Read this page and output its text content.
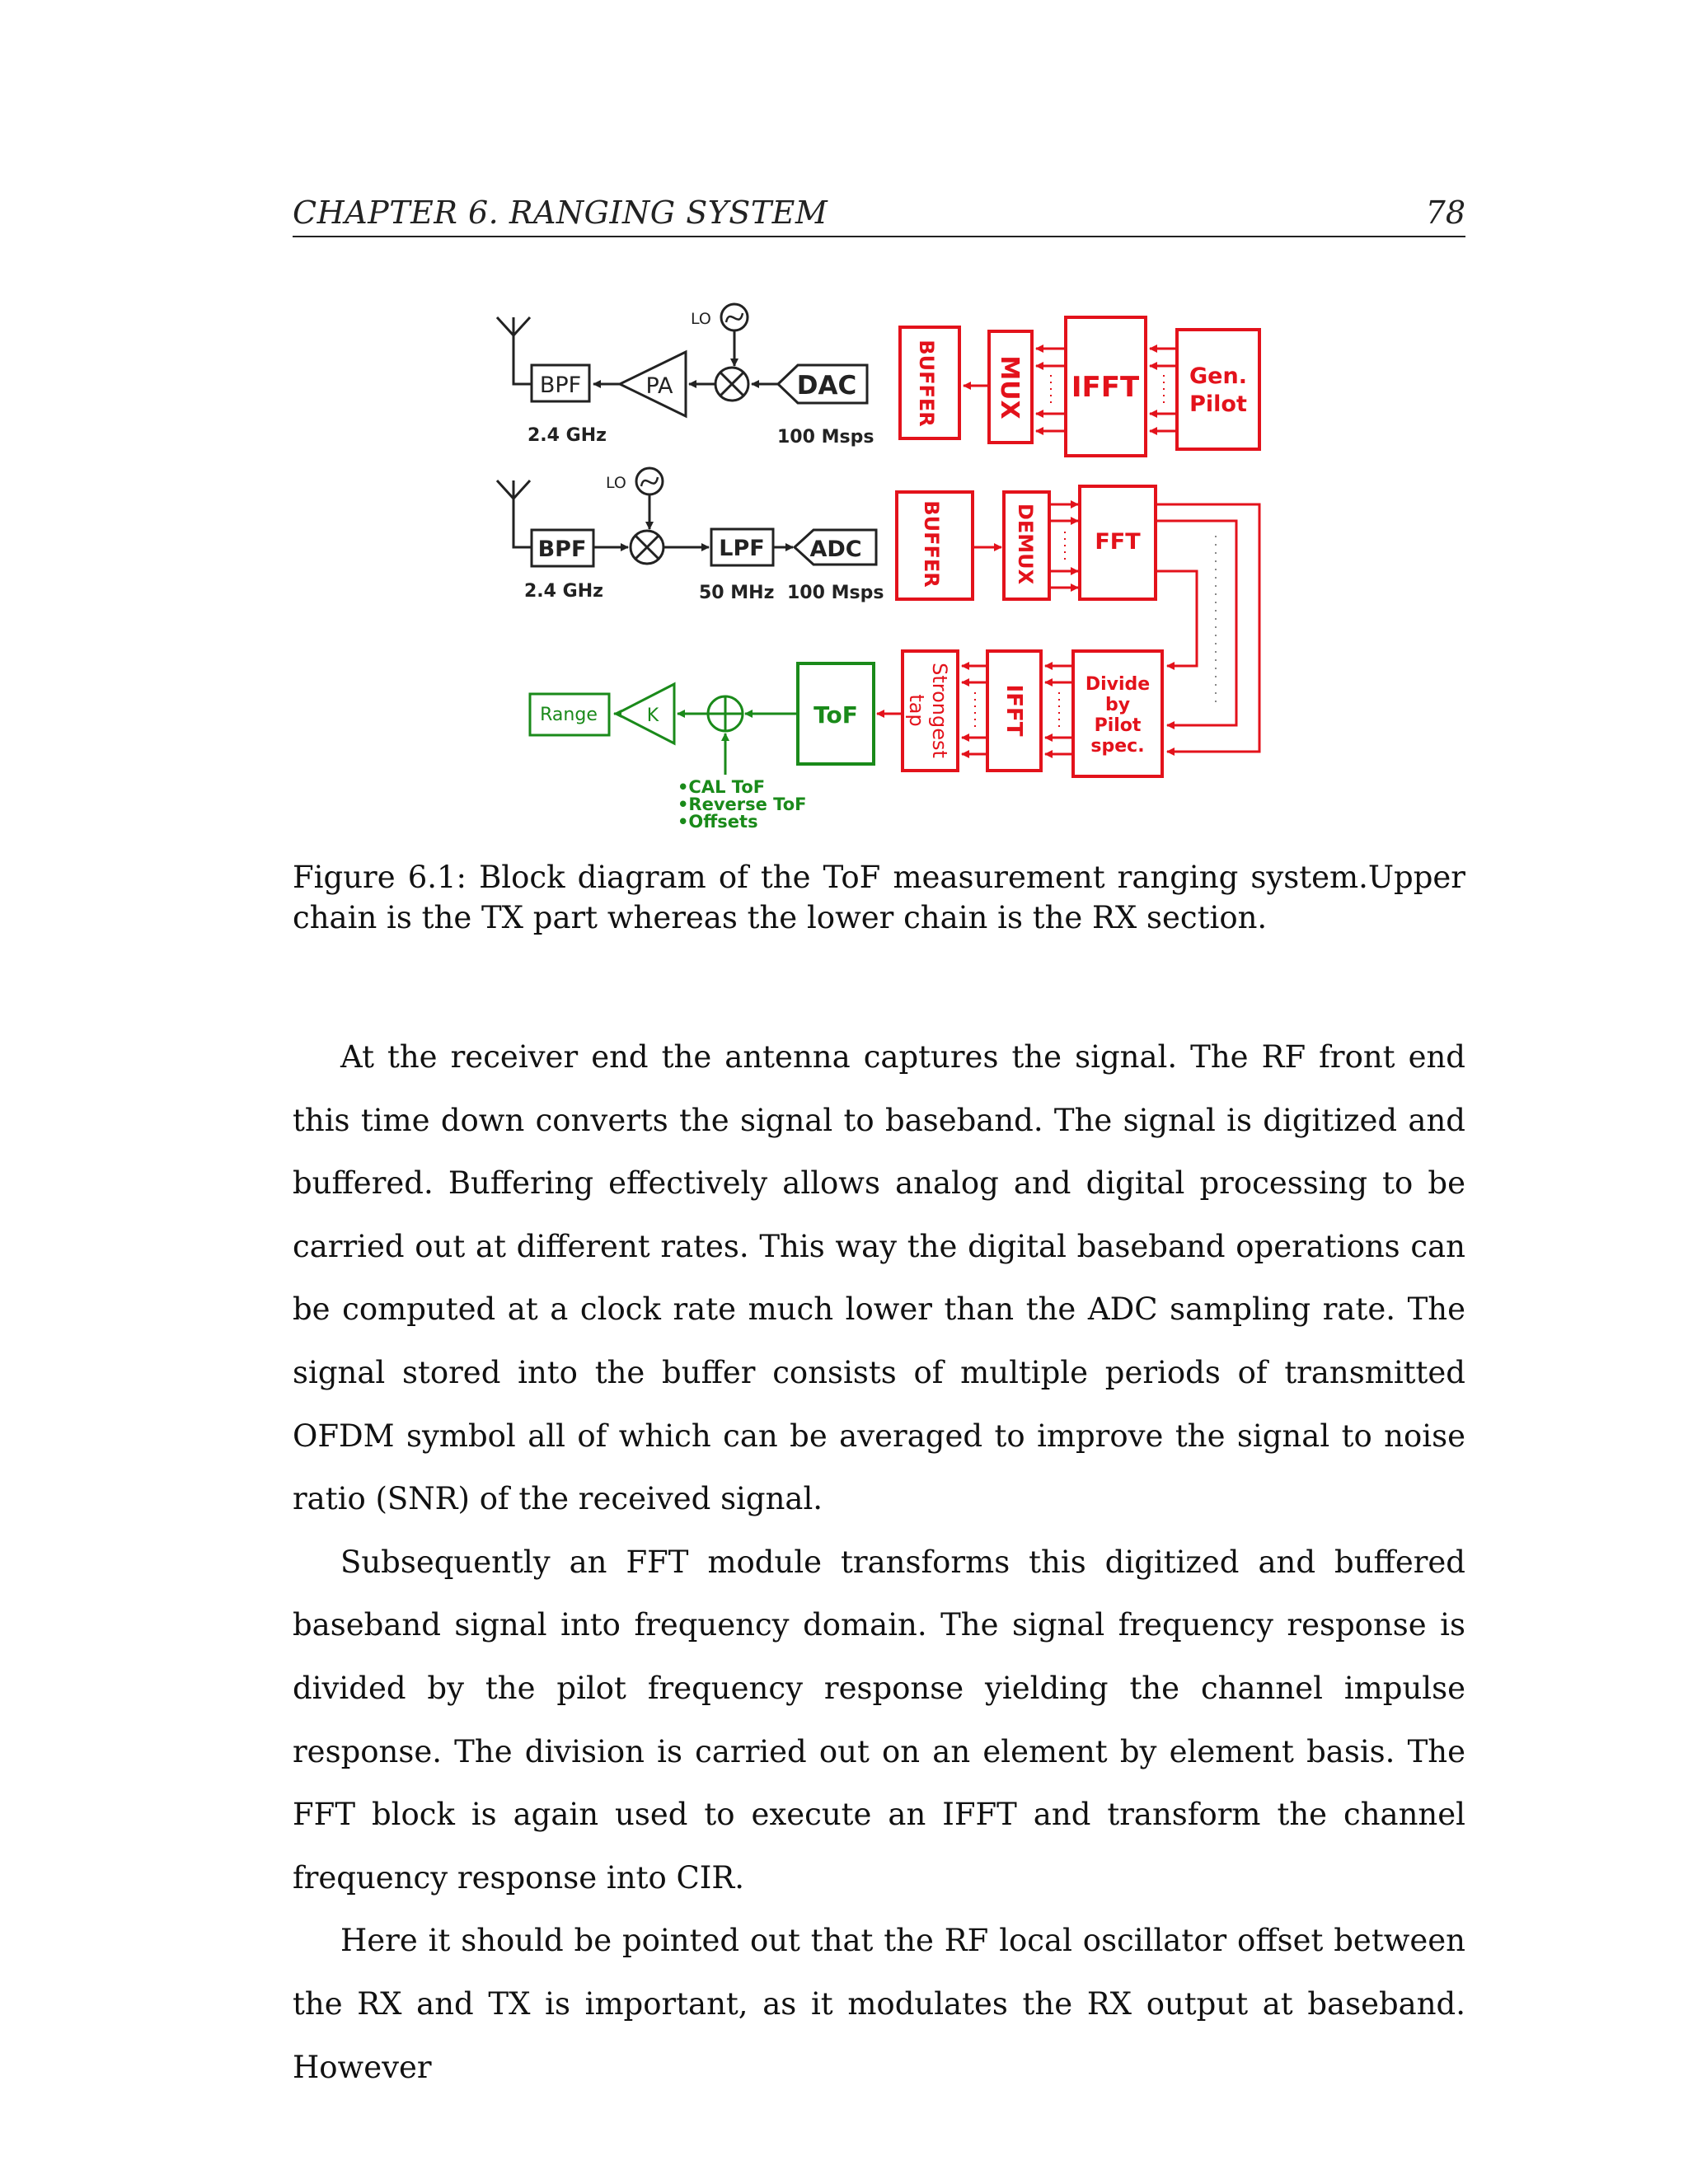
CHAPTER 6. RANGING SYSTEM	78
BPF	PA
LO
DAC
2.4 GHz	100 Msps
BUFFER MUX IFFT Gen.
Pilot
BPF
LO
LPF ADC
2.4 GHz	50 MHz 100 Msps
BUFFER	DEMUX	FFT
Divide
by
Pilot
spec.
IFFT
Strongest
tap
ToF
K
Range
•CAL ToF
•Reverse ToF
•Offsets
Figure 6.1: Block diagram of the ToF measurement ranging system.Upper chain is the TX part whereas the lower chain is the RX section.

At the receiver end the antenna captures the signal. The RF front end this time down converts the signal to baseband. The signal is digitized and buffered. Buffering effectively allows analog and digital processing to be carried out at different rates. This way the digital baseband operations can be computed at a clock rate much lower than the ADC sampling rate. The signal stored into the buffer consists of multiple periods of transmitted OFDM symbol all of which can be averaged to improve the signal to noise ratio (SNR) of the received signal.

Subsequently an FFT module transforms this digitized and buffered baseband signal into frequency domain. The signal frequency response is divided by the pilot frequency response yielding the channel impulse response. The division is carried out on an element by element basis. The FFT block is again used to execute an IFFT and transform the channel frequency response into CIR.

Here it should be pointed out that the RF local oscillator offset between the RX and TX is important, as it modulates the RX output at baseband. However
